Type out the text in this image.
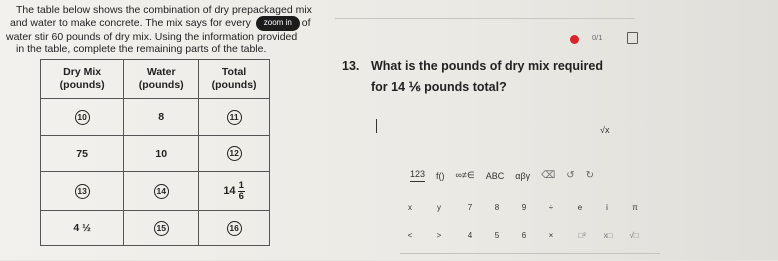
The table below shows the combination of dry prepackaged mix
and water to make concrete. The mix says for every zoom in of
water stir 60 pounds of dry mix. Using the information provided
in the table, complete the remaining parts of the table.
0/1
Dry Mix (pounds)	Water (pounds)	Total (pounds)
10	8	11
75	10	12
13	14	$14 \frac{1}{6}$

4 ½	15	16
13. What is the pounds of dry mix required
for 14 ⅙ pounds total?
√x
123 f() ∞≠∈ ABC αβγ ⌫ ↺ ↻
x	y	7	8	9	÷	e	i	π
<	>	4	5	6	×	□²	x□	√□
